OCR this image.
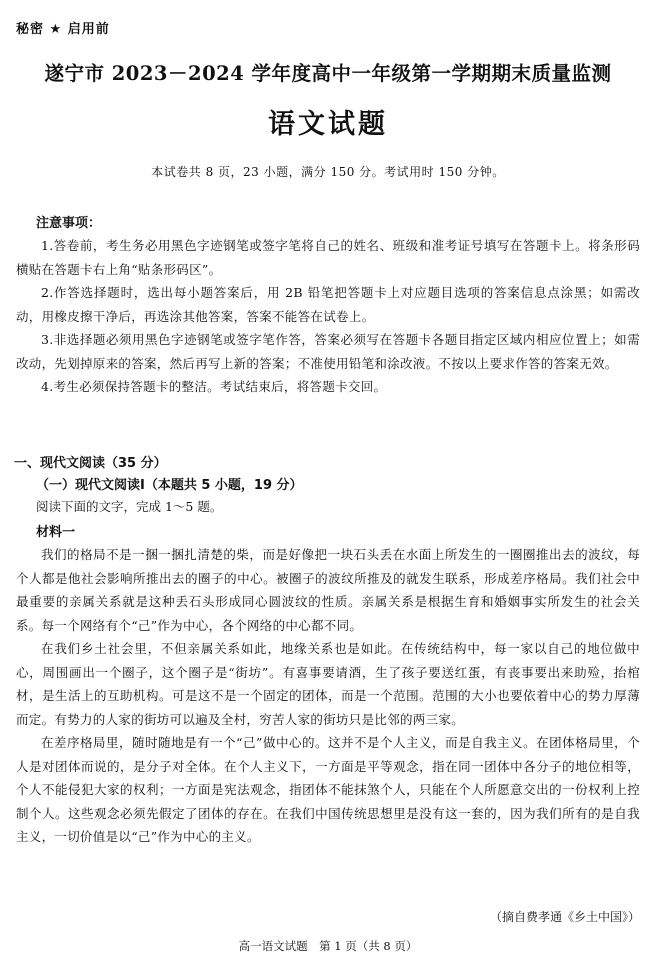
秘密 ★ 启用前
遂宁市 2023－2024 学年度高中一年级第一学期期末质量监测
语文试题
本试卷共 8 页，23 小题，满分 150 分。考试用时 150 分钟。
注意事项：

1.答卷前，考生务必用黑色字迹钢笔或签字笔将自己的姓名、班级和准考证号填写在答题卡上。将条形码横贴在答题卡右上角“贴条形码区”。

2.作答选择题时，选出每小题答案后，用 2B 铅笔把答题卡上对应题目选项的答案信息点涂黑；如需改动，用橡皮擦干净后，再选涂其他答案，答案不能答在试卷上。

3.非选择题必须用黑色字迹钢笔或签字笔作答，答案必须写在答题卡各题目指定区域内相应位置上；如需改动，先划掉原来的答案，然后再写上新的答案；不准使用铅笔和涂改液。不按以上要求作答的答案无效。

4.考生必须保持答题卡的整洁。考试结束后，将答题卡交回。

一、现代文阅读（35 分）
（一）现代文阅读Ⅰ（本题共 5 小题，19 分）
阅读下面的文字，完成 1～5 题。
材料一

我们的格局不是一捆一捆扎清楚的柴，而是好像把一块石头丢在水面上所发生的一圈圈推出去的波纹，每个人都是他社会影响所推出去的圈子的中心。被圈子的波纹所推及的就发生联系，形成差序格局。我们社会中最重要的亲属关系就是这种丢石头形成同心圆波纹的性质。亲属关系是根据生育和婚姻事实所发生的社会关系。每一个网络有个“己”作为中心，各个网络的中心都不同。

在我们乡土社会里，不但亲属关系如此，地缘关系也是如此。在传统结构中，每一家以自己的地位做中心，周围画出一个圈子，这个圈子是“街坊”。有喜事要请酒，生了孩子要送红蛋，有丧事要出来助殓，抬棺材，是生活上的互助机构。可是这不是一个固定的团体，而是一个范围。范围的大小也要依着中心的势力厚薄而定。有势力的人家的街坊可以遍及全村，穷苦人家的街坊只是比邻的两三家。

在差序格局里，随时随地是有一个“己”做中心的。这并不是个人主义，而是自我主义。在团体格局里，个人是对团体而说的，是分子对全体。在个人主义下，一方面是平等观念，指在同一团体中各分子的地位相等，个人不能侵犯大家的权利；一方面是宪法观念，指团体不能抹煞个人，只能在个人所愿意交出的一份权利上控制个人。这些观念必须先假定了团体的存在。在我们中国传统思想里是没有这一套的，因为我们所有的是自我主义，一切价值是以“己”作为中心的主义。

（摘自费孝通《乡土中国》）
高一语文试题　第 1 页（共 8 页）
